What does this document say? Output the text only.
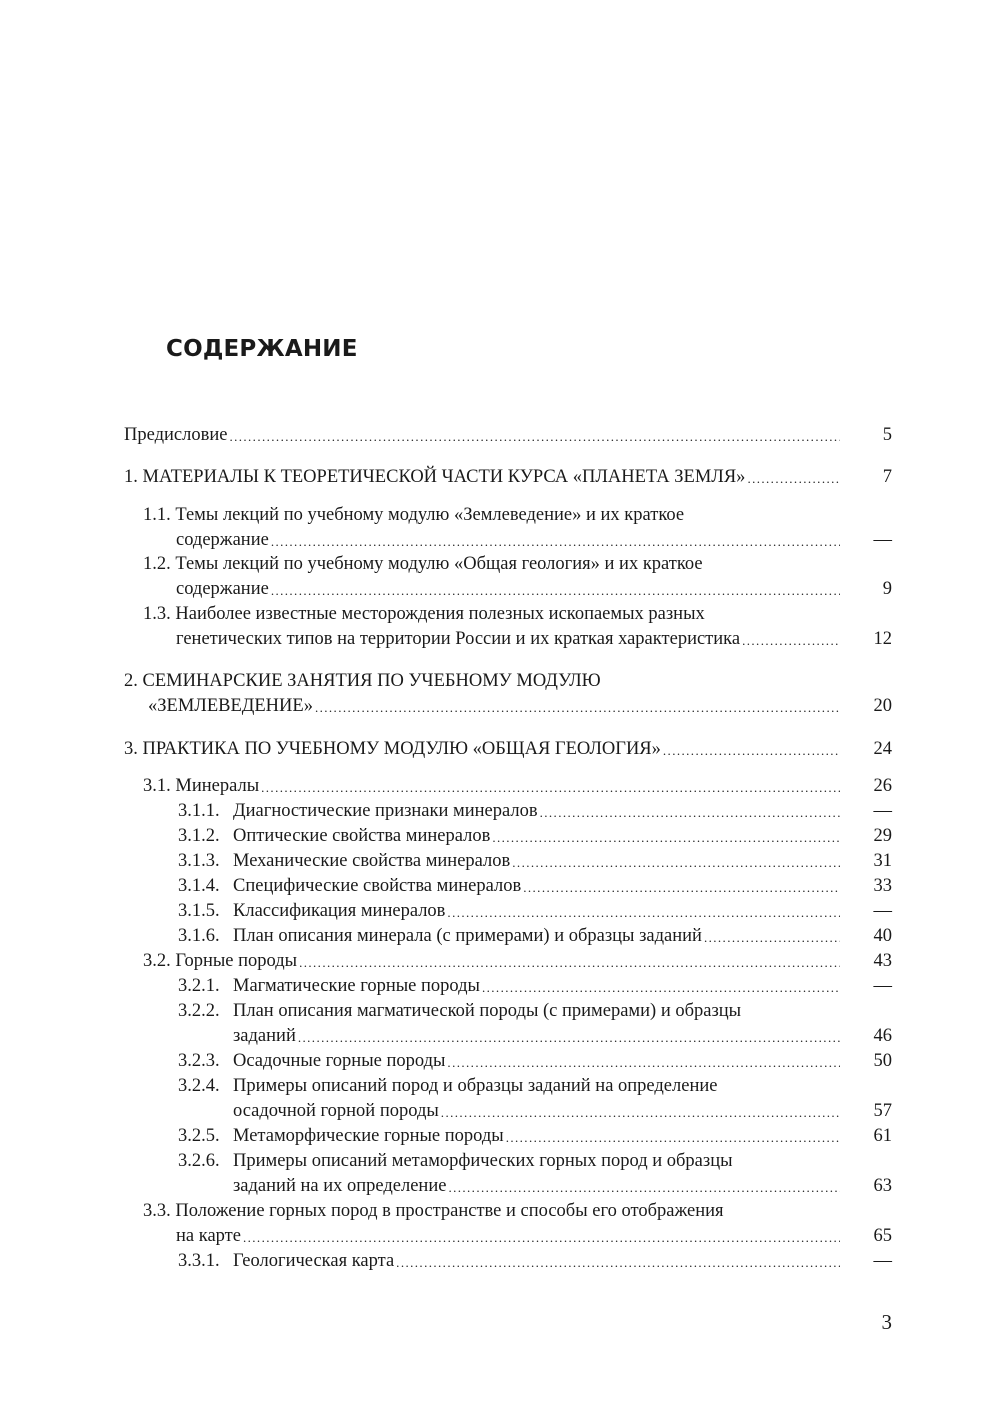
СОДЕРЖАНИЕ
Предисловие .....	5
1. МАТЕРИАЛЫ К ТЕОРЕТИЧЕСКОЙ ЧАСТИ КУРСА «ПЛАНЕТА ЗЕМЛЯ» .....	7
1.1. Темы лекций по учебному модулю «Землеведение» и их краткое
содержание .....	—
1.2. Темы лекций по учебному модулю «Общая геология» и их краткое
содержание .....	9
1.3. Наиболее известные месторождения полезных ископаемых разных
генетических типов на территории России и их краткая характеристика .....	12
2. СЕМИНАРСКИЕ ЗАНЯТИЯ ПО УЧЕБНОМУ МОДУЛЮ
«ЗЕМЛЕВЕДЕНИЕ» .....	20
3. ПРАКТИКА ПО УЧЕБНОМУ МОДУЛЮ «ОБЩАЯ ГЕОЛОГИЯ» .....	24
3.1. Минералы .....	26
3.1.1. Диагностические признаки минералов .....	—
3.1.2. Оптические свойства минералов .....	29
3.1.3. Механические свойства минералов .....	31
3.1.4. Специфические свойства минералов .....	33
3.1.5. Классификация минералов .....	—
3.1.6. План описания минерала (с примерами) и образцы заданий .....	40
3.2. Горные породы .....	43
3.2.1. Магматические горные породы .....	—
3.2.2. План описания магматической породы (с примерами) и образцы
заданий .....	46
3.2.3. Осадочные горные породы .....	50
3.2.4. Примеры описаний пород и образцы заданий на определение
осадочной горной породы .....	57
3.2.5. Метаморфические горные породы .....	61
3.2.6. Примеры описаний метаморфических горных пород и образцы
заданий на их определение .....	63
3.3. Положение горных пород в пространстве и способы его отображения
на карте .....	65
3.3.1. Геологическая карта .....	—
3
